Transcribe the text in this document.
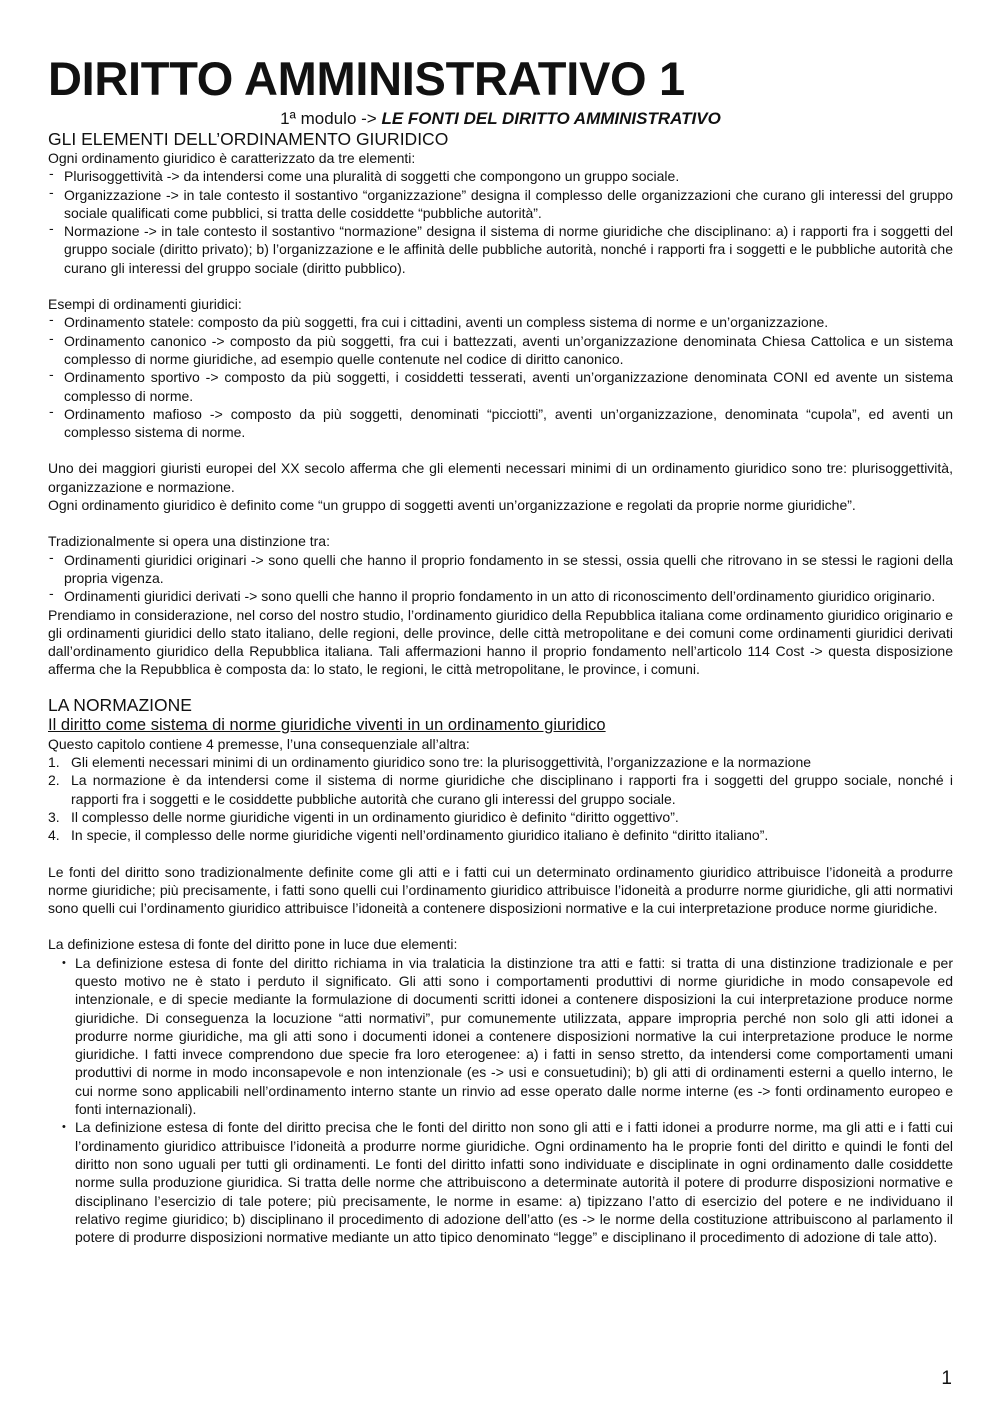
DIRITTO AMMINISTRATIVO 1
1ª modulo -> LE FONTI DEL DIRITTO AMMINISTRATIVO
GLI ELEMENTI DELL’ORDINAMENTO GIURIDICO

Ogni ordinamento giuridico è caratterizzato da tre elementi:

- Plurisoggettività -> da intendersi come una pluralità di soggetti che compongono un gruppo sociale.
- Organizzazione -> in tale contesto il sostantivo “organizzazione” designa il complesso delle organizzazioni che curano gli interessi del gruppo sociale qualificati come pubblici, si tratta delle cosiddette “pubbliche autorità”.
- Normazione -> in tale contesto il sostantivo “normazione” designa il sistema di norme giuridiche che disciplinano: a) i rapporti fra i soggetti del gruppo sociale (diritto privato); b) l’organizzazione e le affinità delle pubbliche autorità, nonché i rapporti fra i soggetti e le pubbliche autorità che curano gli interessi del gruppo sociale (diritto pubblico).

Esempi di ordinamenti giuridici:

- Ordinamento statele: composto da più soggetti, fra cui i cittadini, aventi un compless sistema di norme e un’organizzazione.
- Ordinamento canonico -> composto da più soggetti, fra cui i battezzati, aventi un’organizzazione denominata Chiesa Cattolica e un sistema complesso di norme giuridiche, ad esempio quelle contenute nel codice di diritto canonico.
- Ordinamento sportivo -> composto da più soggetti, i cosiddetti tesserati, aventi un’organizzazione denominata CONI ed avente un sistema complesso di norme.
- Ordinamento mafioso -> composto da più soggetti, denominati “picciotti”, aventi un’organizzazione, denominata “cupola”, ed aventi un complesso sistema di norme.

Uno dei maggiori giuristi europei del XX secolo afferma che gli elementi necessari minimi di un ordinamento giuridico sono tre: plurisoggettività, organizzazione e normazione.

Ogni ordinamento giuridico è definito come “un gruppo di soggetti aventi un’organizzazione e regolati da proprie norme giuridiche”.

Tradizionalmente si opera una distinzione tra:

- Ordinamenti giuridici originari -> sono quelli che hanno il proprio fondamento in se stessi, ossia quelli che ritrovano in se stessi le ragioni della propria vigenza.
- Ordinamenti giuridici derivati -> sono quelli che hanno il proprio fondamento in un atto di riconoscimento dell’ordinamento giuridico originario.

Prendiamo in considerazione, nel corso del nostro studio, l’ordinamento giuridico della Repubblica italiana come ordinamento giuridico originario e gli ordinamenti giuridici dello stato italiano, delle regioni, delle province, delle città metropolitane e dei comuni come ordinamenti giuridici derivati dall’ordinamento giuridico della Repubblica italiana. Tali affermazioni hanno il proprio fondamento nell’articolo 114 Cost -> questa disposizione afferma che la Repubblica è composta da: lo stato, le regioni, le città metropolitane, le province, i comuni.

LA NORMAZIONE
Il diritto come sistema di norme giuridiche viventi in un ordinamento giuridico

Questo capitolo contiene 4 premesse, l’una consequenziale all’altra:

1. Gli elementi necessari minimi di un ordinamento giuridico sono tre: la plurisoggettività, l’organizzazione e la normazione
2. La normazione è da intendersi come il sistema di norme giuridiche che disciplinano i rapporti fra i soggetti del gruppo sociale, nonché i rapporti fra i soggetti e le cosiddette pubbliche autorità che curano gli interessi del gruppo sociale.
3. Il complesso delle norme giuridiche vigenti in un ordinamento giuridico è definito “diritto oggettivo”.
4. In specie, il complesso delle norme giuridiche vigenti nell’ordinamento giuridico italiano è definito “diritto italiano”.

Le fonti del diritto sono tradizionalmente definite come gli atti e i fatti cui un determinato ordinamento giuridico attribuisce l’idoneità a produrre norme giuridiche; più precisamente, i fatti sono quelli cui l’ordinamento giuridico attribuisce l’idoneità a produrre norme giuridiche, gli atti normativi sono quelli cui l’ordinamento giuridico attribuisce l’idoneità a contenere disposizioni normative e la cui interpretazione produce norme giuridiche.

La definizione estesa di fonte del diritto pone in luce due elementi:

• La definizione estesa di fonte del diritto richiama in via tralaticia la distinzione tra atti e fatti: si tratta di una distinzione tradizionale e per questo motivo ne è stato i perduto il significato. Gli atti sono i comportamenti produttivi di norme giuridiche in modo consapevole ed intenzionale, e di specie mediante la formulazione di documenti scritti idonei a contenere disposizioni la cui interpretazione produce norme giuridiche. Di conseguenza la locuzione “atti normativi”, pur comunemente utilizzata, appare impropria perché non solo gli atti idonei a produrre norme giuridiche, ma gli atti sono i documenti idonei a contenere disposizioni normative la cui interpretazione produce le norme giuridiche. I fatti invece comprendono due specie fra loro eterogenee: a) i fatti in senso stretto, da intendersi come comportamenti umani produttivi di norme in modo inconsapevole e non intenzionale (es -> usi e consuetudini); b) gli atti di ordinamenti esterni a quello interno, le cui norme sono applicabili nell’ordinamento interno stante un rinvio ad esse operato dalle norme interne (es -> fonti ordinamento europeo e fonti internazionali).
• La definizione estesa di fonte del diritto precisa che le fonti del diritto non sono gli atti e i fatti idonei a produrre norme, ma gli atti e i fatti cui l’ordinamento giuridico attribuisce l’idoneità a produrre norme giuridiche. Ogni ordinamento ha le proprie fonti del diritto e quindi le fonti del diritto non sono uguali per tutti gli ordinamenti. Le fonti del diritto infatti sono individuate e disciplinate in ogni ordinamento dalle cosiddette norme sulla produzione giuridica. Si tratta delle norme che attribuiscono a determinate autorità il potere di produrre disposizioni normative e disciplinano l’esercizio di tale potere; più precisamente, le norme in esame: a) tipizzano l’atto di esercizio del potere e ne individuano il relativo regime giuridico; b) disciplinano il procedimento di adozione dell’atto (es -> le norme della costituzione attribuiscono al parlamento il potere di produrre disposizioni normative mediante un atto tipico denominato “legge” e disciplinano il procedimento di adozione di tale atto).
1
